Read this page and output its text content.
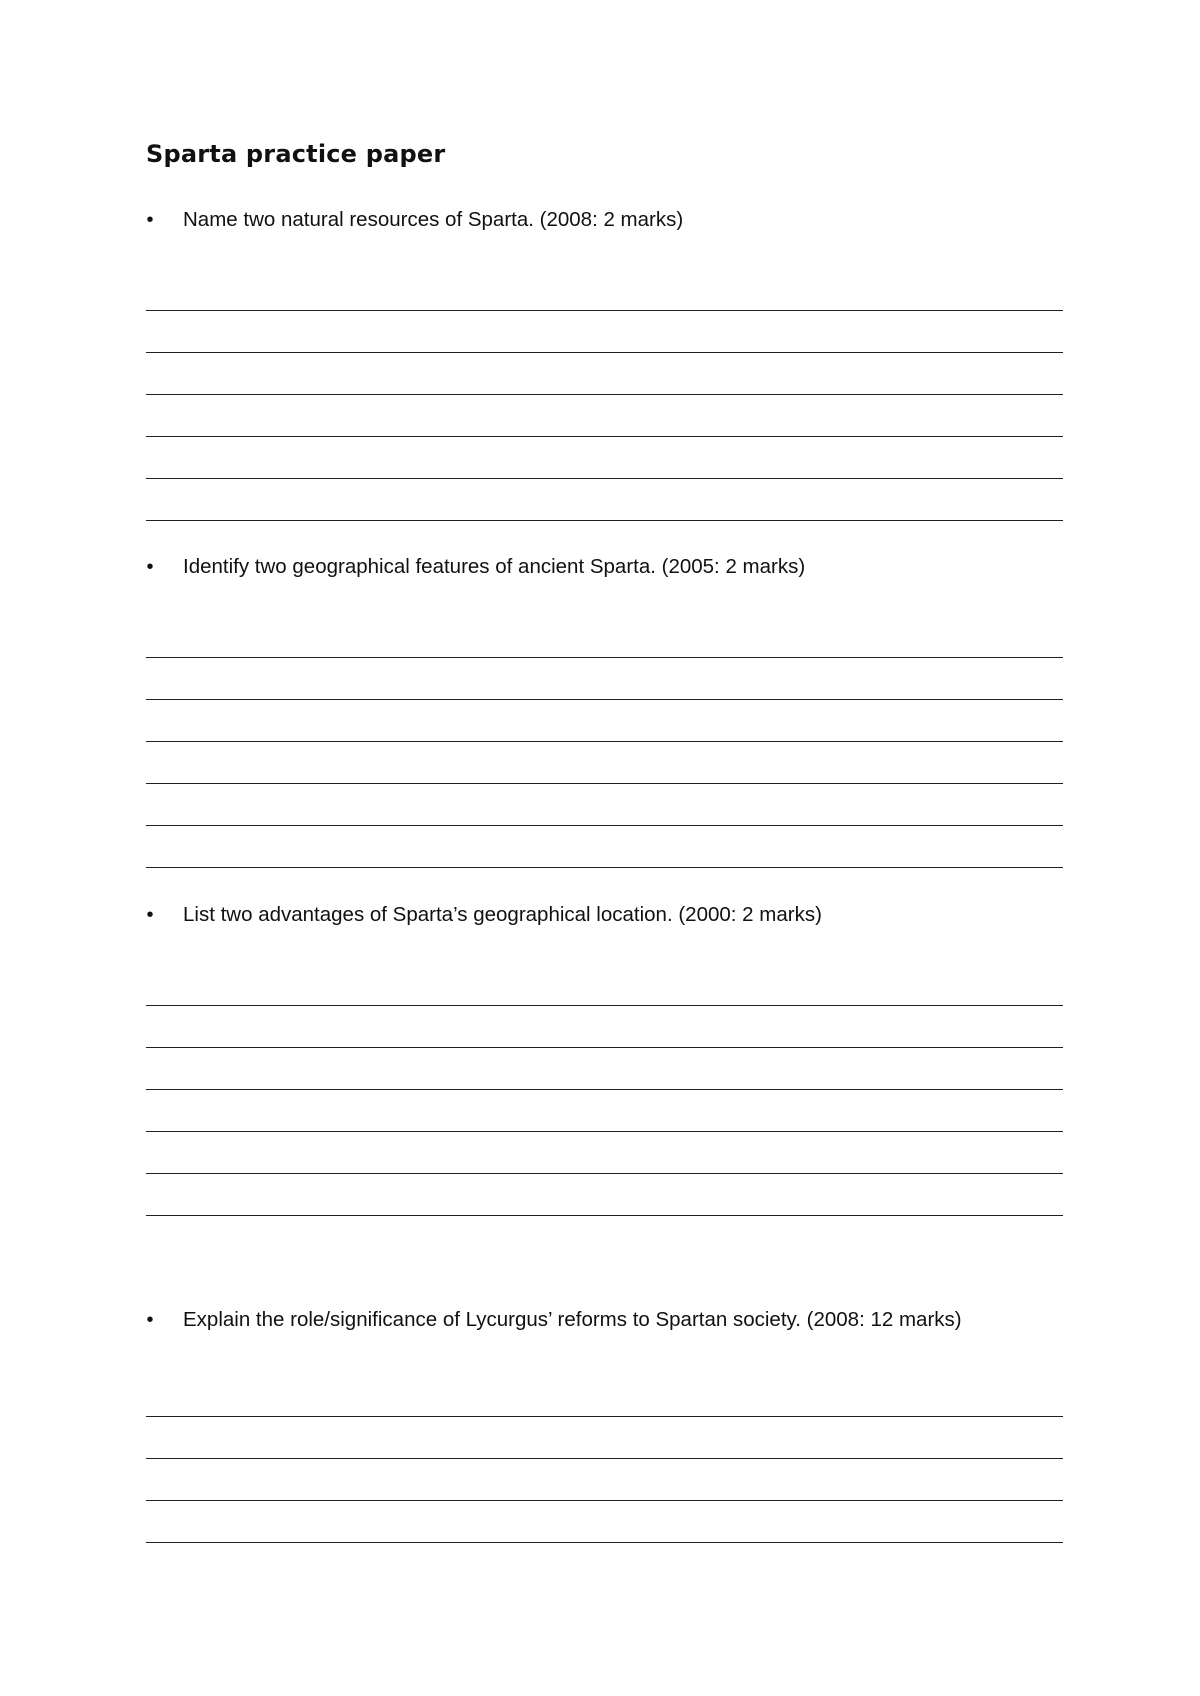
Sparta practice paper
•	Name two natural resources of Sparta. (2008: 2 marks)
•	Identify two geographical features of ancient Sparta. (2005: 2 marks)
•	List two advantages of Sparta’s geographical location. (2000: 2 marks)
•	Explain the role/significance of Lycurgus’ reforms to Spartan society. (2008: 12 marks)
